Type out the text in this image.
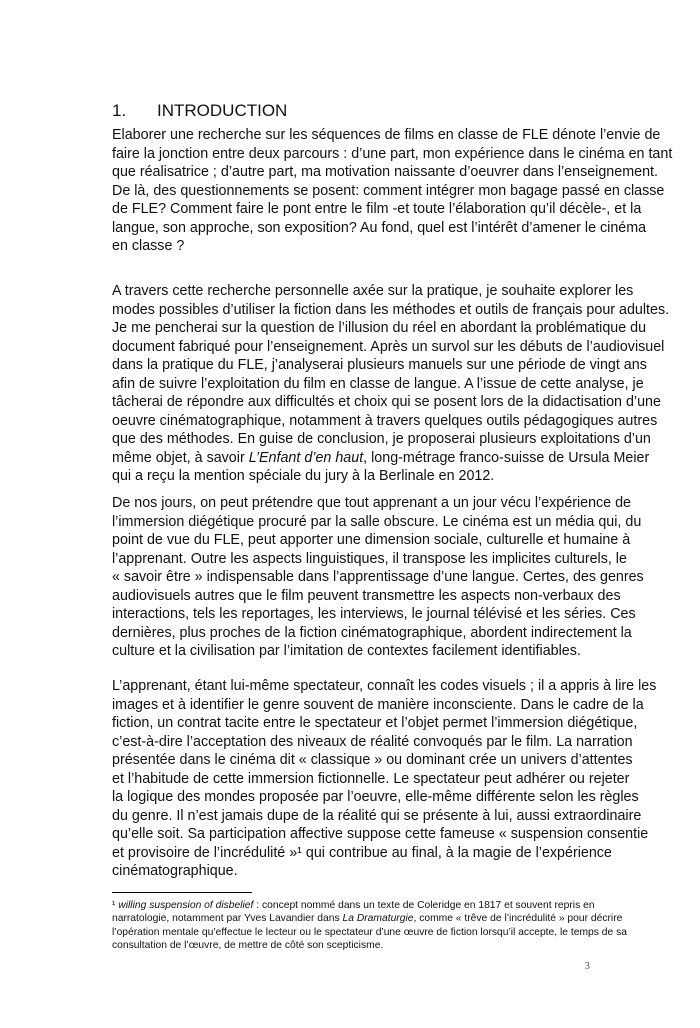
1. INTRODUCTION
Elaborer une recherche sur les séquences de films en classe de FLE dénote l’envie de
faire la jonction entre deux parcours : d’une part, mon expérience dans le cinéma en tant
que réalisatrice ; d’autre part, ma motivation naissante d’oeuvrer dans l’enseignement.
De là, des questionnements se posent: comment intégrer mon bagage passé en classe
de FLE? Comment faire le pont entre le film -et toute l’élaboration qu’il décèle-, et la
langue, son approche, son exposition? Au fond, quel est l’intérêt d’amener le cinéma
en classe ?
A travers cette recherche personnelle axée sur la pratique, je souhaite explorer les
modes possibles d’utiliser la fiction dans les méthodes et outils de français pour adultes.
Je me pencherai sur la question de l’illusion du réel en abordant la problématique du
document fabriqué pour l’enseignement. Après un survol sur les débuts de l’audiovisuel
dans la pratique du FLE, j’analyserai plusieurs manuels sur une période de vingt ans
afin de suivre l’exploitation du film en classe de langue. A l’issue de cette analyse, je
tâcherai de répondre aux difficultés et choix qui se posent lors de la didactisation d’une
oeuvre cinématographique, notamment à travers quelques outils pédagogiques autres
que des méthodes. En guise de conclusion, je proposerai plusieurs exploitations d’un
même objet, à savoir L’Enfant d’en haut, long-métrage franco-suisse de Ursula Meier
qui a reçu la mention spéciale du jury à la Berlinale en 2012.
De nos jours, on peut prétendre que tout apprenant a un jour vécu l’expérience de
l’immersion diégétique procuré par la salle obscure. Le cinéma est un média qui, du
point de vue du FLE, peut apporter une dimension sociale, culturelle et humaine à
l’apprenant. Outre les aspects linguistiques, il transpose les implicites culturels, le
« savoir être » indispensable dans l’apprentissage d’une langue. Certes, des genres
audiovisuels autres que le film peuvent transmettre les aspects non-verbaux des
interactions, tels les reportages, les interviews, le journal télévisé et les séries. Ces
dernières, plus proches de la fiction cinématographique, abordent indirectement la
culture et la civilisation par l’imitation de contextes facilement identifiables.
L’apprenant, étant lui-même spectateur, connaît les codes visuels ; il a appris à lire les
images et à identifier le genre souvent de manière inconsciente. Dans le cadre de la
fiction, un contrat tacite entre le spectateur et l’objet permet l’immersion diégétique,
c’est-à-dire l’acceptation des niveaux de réalité convoqués par le film. La narration
présentée dans le cinéma dit « classique » ou dominant crée un univers d’attentes
et l’habitude de cette immersion fictionnelle. Le spectateur peut adhérer ou rejeter
la logique des mondes proposée par l’oeuvre, elle-même différente selon les règles
du genre. Il n’est jamais dupe de la réalité qui se présente à lui, aussi extraordinaire
qu’elle soit. Sa participation affective suppose cette fameuse « suspension consentie
et provisoire de l’incrédulité »¹ qui contribue au final, à la magie de l’expérience
cinématographique.
¹ willing suspension of disbelief : concept nommé dans un texte de Coleridge en 1817 et souvent repris en
narratologie, notamment par Yves Lavandier dans La Dramaturgie, comme « trêve de l’incrédulité » pour décrire
l’opération mentale qu’effectue le lecteur ou le spectateur d’une œuvre de fiction lorsqu’il accepte, le temps de sa
consultation de l’œuvre, de mettre de côté son scepticisme.
3
